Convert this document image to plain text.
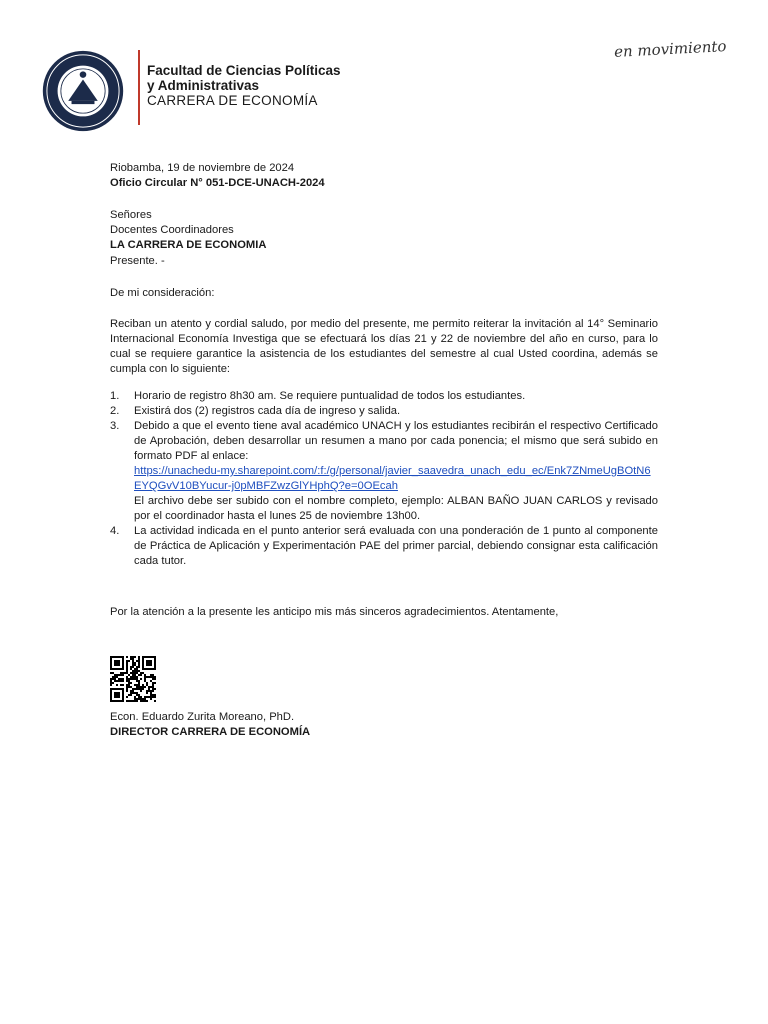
Facultad de Ciencias Políticas
y Administrativas
CARRERA DE ECONOMÍA
en movimiento
Riobamba, 19 de noviembre de 2024
Oficio Circular N° 051-DCE-UNACH-2024
Señores
Docentes Coordinadores
LA CARRERA DE ECONOMIA
Presente. -
De mi consideración:
Reciban un atento y cordial saludo, por medio del presente, me permito reiterar la invitación al 14° Seminario Internacional Economía Investiga que se efectuará los días 21 y 22 de noviembre del año en curso, para lo cual se requiere garantice la asistencia de los estudiantes del semestre al cual Usted coordina, además se cumpla con lo siguiente:
1. Horario de registro 8h30 am. Se requiere puntualidad de todos los estudiantes.
2. Existirá dos (2) registros cada día de ingreso y salida.
3. Debido a que el evento tiene aval académico UNACH y los estudiantes recibirán el respectivo Certificado de Aprobación, deben desarrollar un resumen a mano por cada ponencia; el mismo que será subido en formato PDF al enlace:
https://unachedu-my.sharepoint.com/:f:/g/personal/javier_saavedra_unach_edu_ec/Enk7ZNmeUgBOtN6EYQGvV10BYucur-j0pMBFZwzGlYHphQ?e=0OEcah
El archivo debe ser subido con el nombre completo, ejemplo: ALBAN BAÑO JUAN CARLOS y revisado por el coordinador hasta el lunes 25 de noviembre 13h00.
4. La actividad indicada en el punto anterior será evaluada con una ponderación de 1 punto al componente de Práctica de Aplicación y Experimentación PAE del primer parcial, debiendo consignar esta calificación cada tutor.
Por la atención a la presente les anticipo mis más sinceros agradecimientos. Atentamente,
Econ. Eduardo Zurita Moreano, PhD.
DIRECTOR CARRERA DE ECONOMÍA
